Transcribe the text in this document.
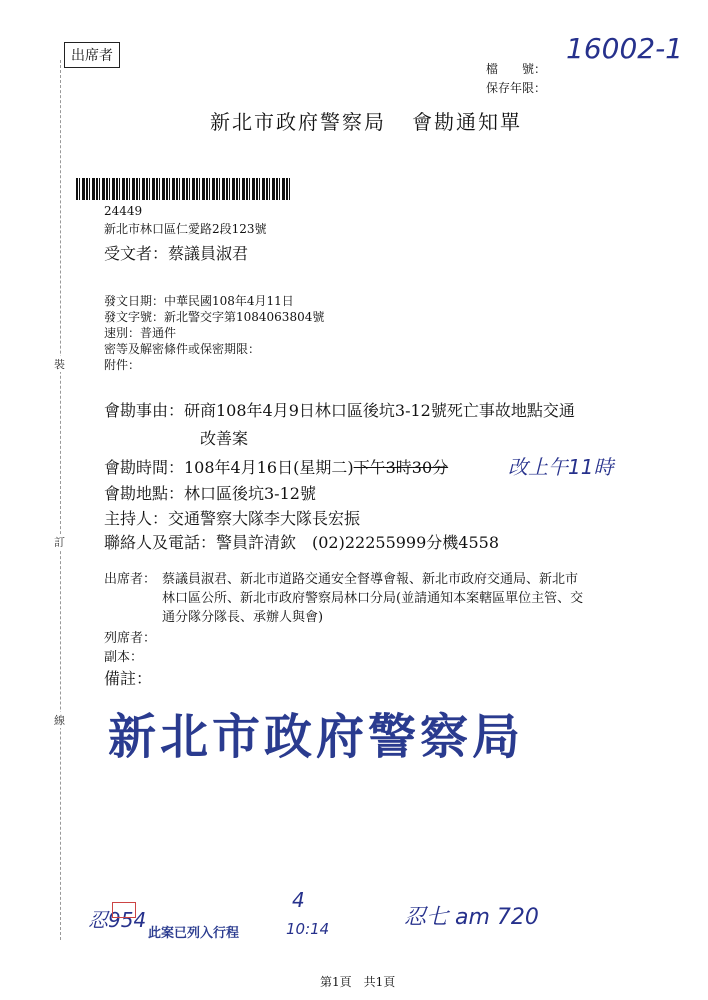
裝
訂
線
出席者
檔　　號：
保存年限：
16002-1
新北市政府警察局 會勘通知單
24449
新北市林口區仁愛路2段123號
受文者：蔡議員淑君
發文日期：中華民國108年4月11日
發文字號：新北警交字第1084063804號
速別：普通件
密等及解密條件或保密期限：
附件：
會勘事由：研商108年4月9日林口區後坑3-12號死亡事故地點交通
改善案
會勘時間：108年4月16日(星期二)下午3時30分	改上午11時
會勘地點：林口區後坑3-12號
主持人：交通警察大隊李大隊長宏振
聯絡人及電話：警員許清欽　(02)22255999分機4558
出席者： 蔡議員淑君、新北市道路交通安全督導會報、新北市政府交通局、新北市
林口區公所、新北市政府警察局林口分局(並請通知本案轄區單位主管、交
通分隊分隊長、承辦人與會)
列席者：
副本：
備註：
新北市政府警察局
忍954
此案已列入行程
4
10:14	忍七 am 720
第1頁　共1頁
